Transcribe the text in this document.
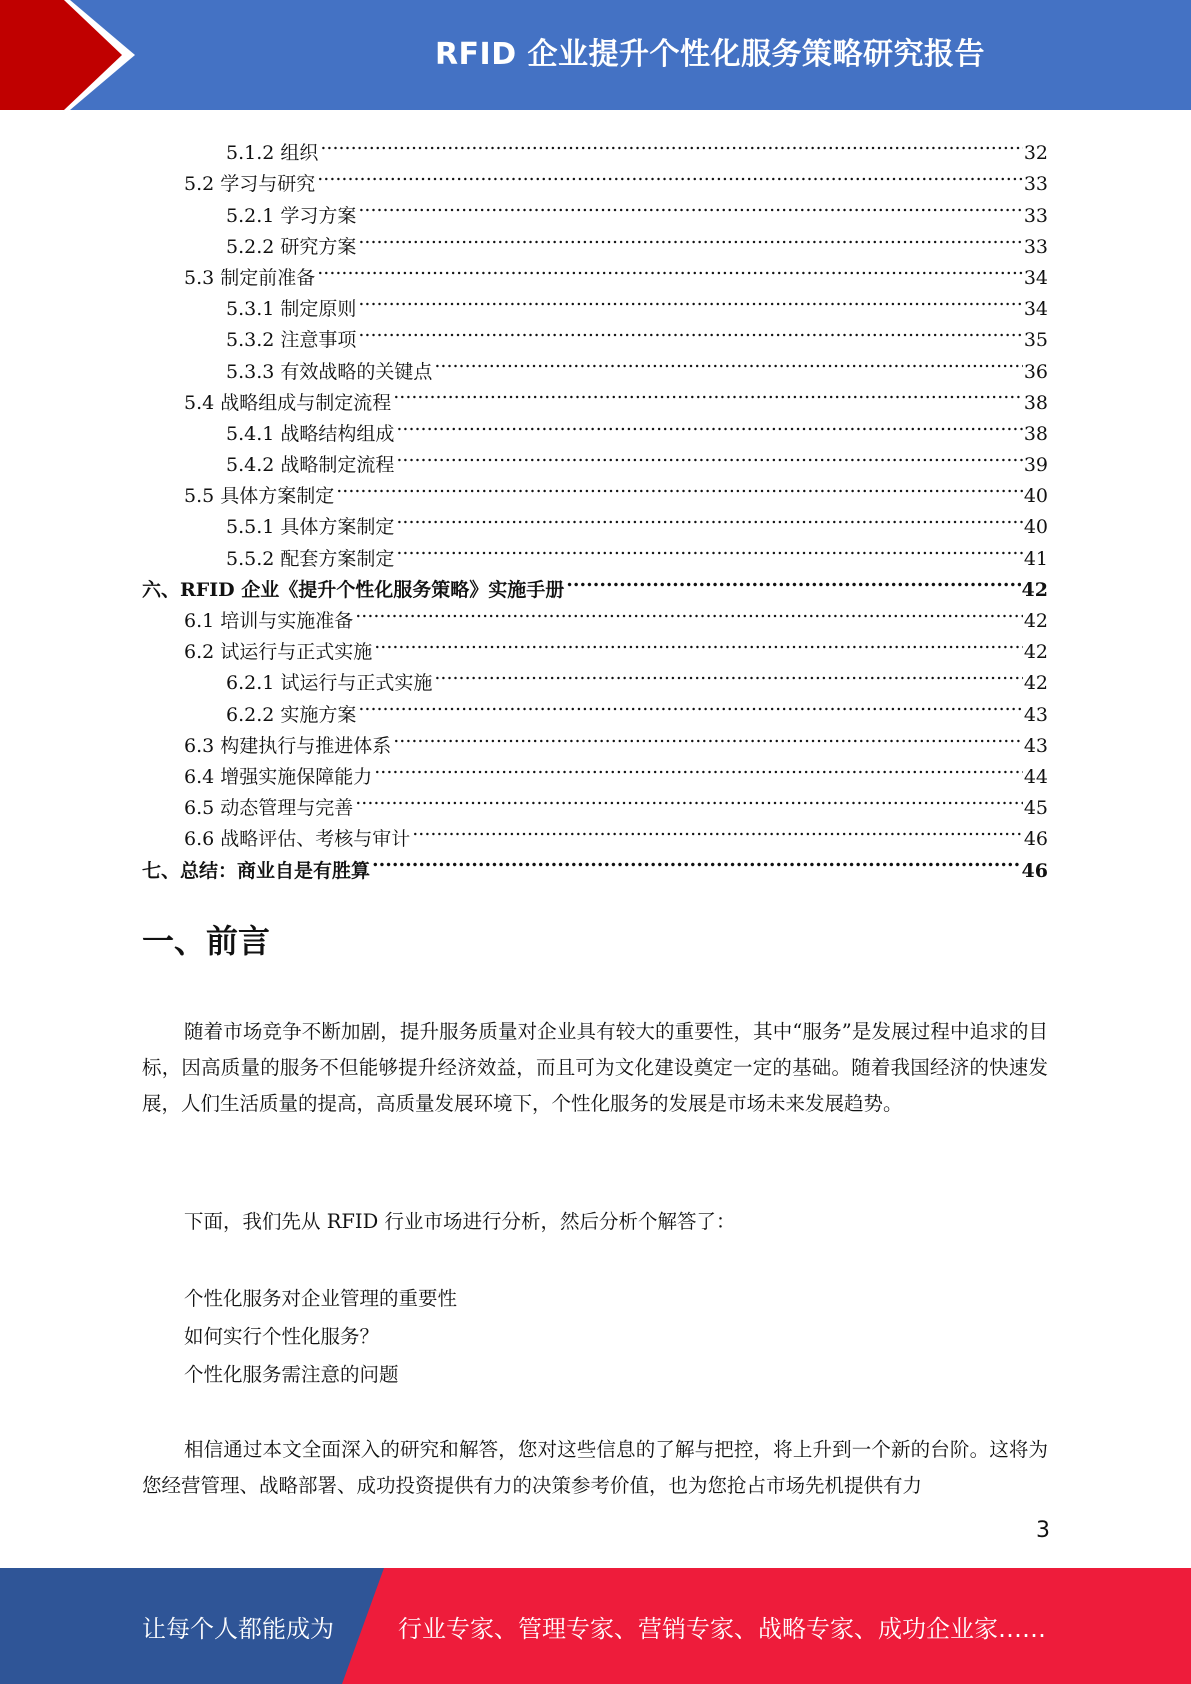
RFID 企业提升个性化服务策略研究报告
5.1.2 组织 .....	32
5.2 学习与研究 .....	33
5.2.1 学习方案 .....	33
5.2.2 研究方案 .....	33
5.3 制定前准备 .....	34
5.3.1 制定原则 .....	34
5.3.2 注意事项 .....	35
5.3.3 有效战略的关键点 .....	36
5.4 战略组成与制定流程 .....	38
5.4.1 战略结构组成 .....	38
5.4.2 战略制定流程 .....	39
5.5 具体方案制定 .....	40
5.5.1 具体方案制定 .....	40
5.5.2 配套方案制定 .....	41
六、RFID 企业《提升个性化服务策略》实施手册 .....	42
6.1 培训与实施准备 .....	42
6.2 试运行与正式实施 .....	42
6.2.1 试运行与正式实施 .....	42
6.2.2 实施方案 .....	43
6.3 构建执行与推进体系 .....	43
6.4 增强实施保障能力 .....	44
6.5 动态管理与完善 .....	45
6.6 战略评估、考核与审计 .....	46
七、总结：商业自是有胜算 .....	46
一、前言
随着市场竞争不断加剧，提升服务质量对企业具有较大的重要性，其中“服务”是发展过程中追求的目标，因高质量的服务不但能够提升经济效益，而且可为文化建设奠定一定的基础。随着我国经济的快速发展，人们生活质量的提高，高质量发展环境下，个性化服务的发展是市场未来发展趋势。
下面，我们先从 RFID 行业市场进行分析，然后分析个解答了：
个性化服务对企业管理的重要性
如何实行个性化服务？
个性化服务需注意的问题
相信通过本文全面深入的研究和解答，您对这些信息的了解与把控，将上升到一个新的台阶。这将为您经营管理、战略部署、成功投资提供有力的决策参考价值，也为您抢占市场先机提供有力
3
让每个人都能成为	行业专家、管理专家、营销专家、战略专家、成功企业家……
